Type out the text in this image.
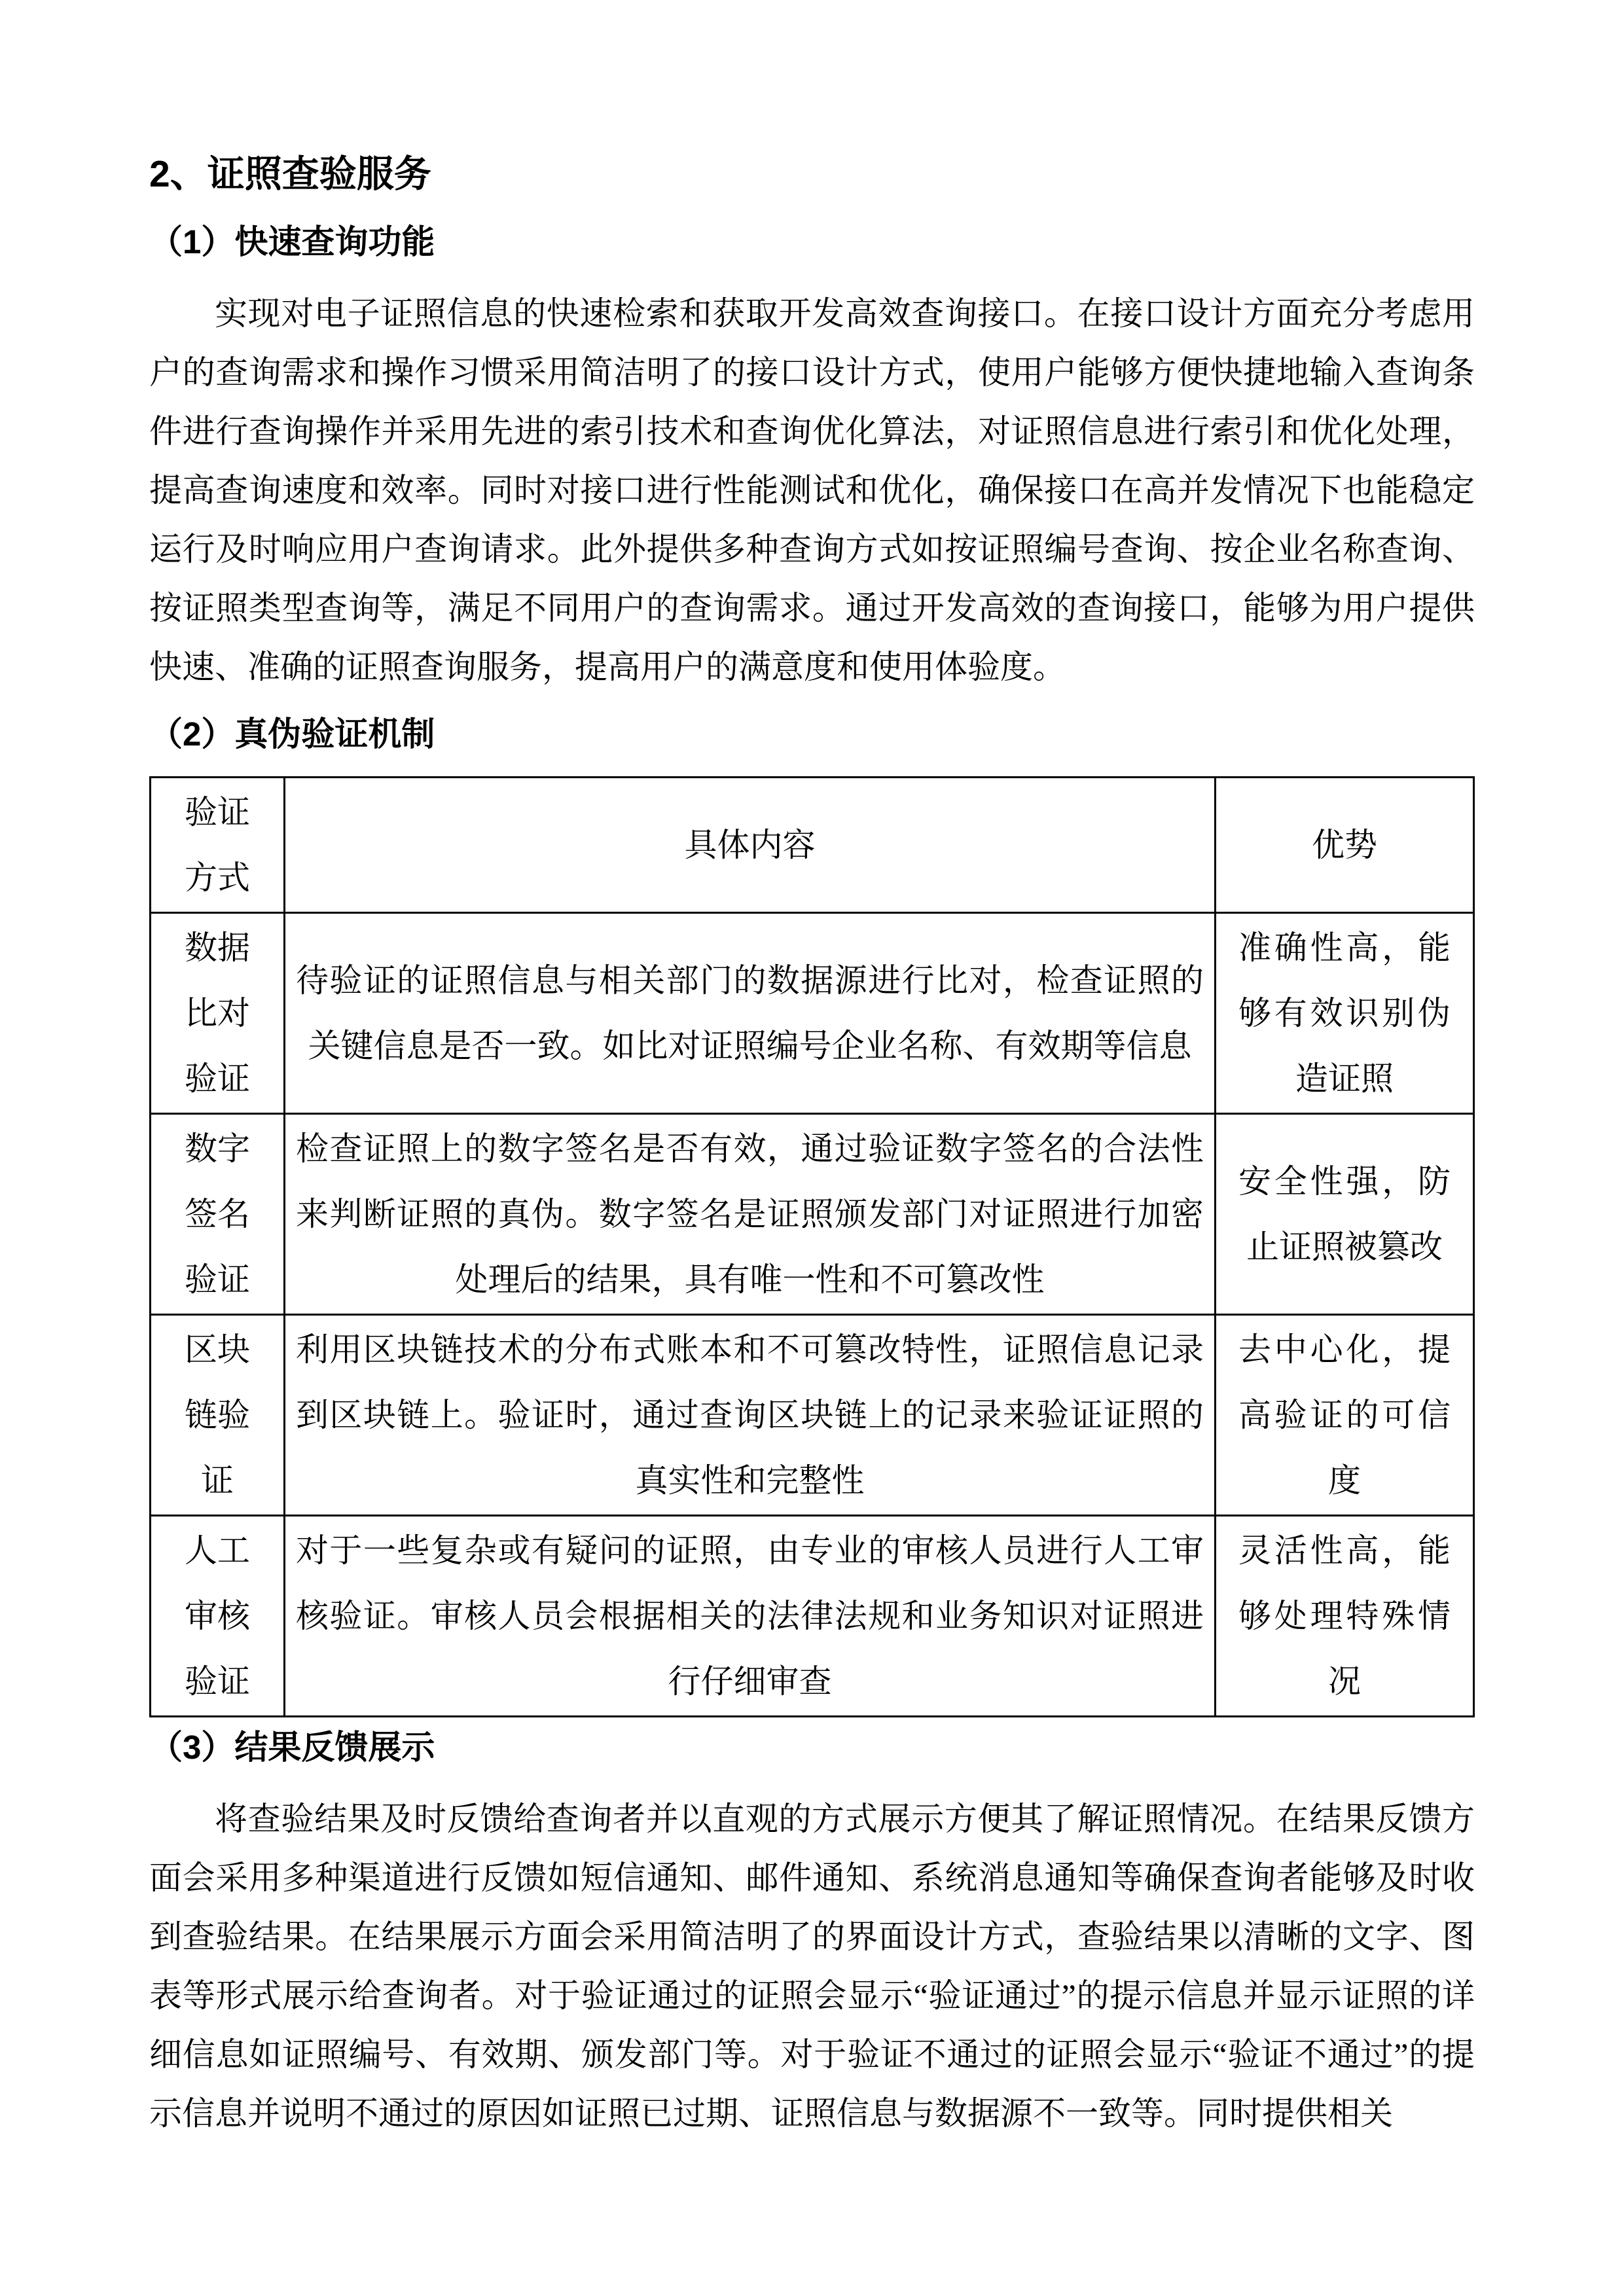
2、证照查验服务
（1）快速查询功能

实现对电子证照信息的快速检索和获取开发高效查询接口。在接口设计方面充分考虑用户的查询需求和操作习惯采用简洁明了的接口设计方式，使用户能够方便快捷地输入查询条件进行查询操作并采用先进的索引技术和查询优化算法，对证照信息进行索引和优化处理，提高查询速度和效率。同时对接口进行性能测试和优化，确保接口在高并发情况下也能稳定运行及时响应用户查询请求。此外提供多种查询方式如按证照编号查询、按企业名称查询、按证照类型查询等，满足不同用户的查询需求。通过开发高效的查询接口，能够为用户提供快速、准确的证照查询服务，提高用户的满意度和使用体验度。

（2）真伪验证机制
验证方式	具体内容	优势
数据比对验证	待验证的证照信息与相关部门的数据源进行比对，检查证照的关键信息是否一致。如比对证照编号企业名称、有效期等信息	准确性高，能够有效识别伪造证照
数字签名验证	检查证照上的数字签名是否有效，通过验证数字签名的合法性来判断证照的真伪。数字签名是证照颁发部门对证照进行加密处理后的结果，具有唯一性和不可篡改性	安全性强，防止证照被篡改
区块链验证	利用区块链技术的分布式账本和不可篡改特性，证照信息记录到区块链上。验证时，通过查询区块链上的记录来验证证照的真实性和完整性	去中心化，提高验证的可信度
人工审核验证	对于一些复杂或有疑问的证照，由专业的审核人员进行人工审核验证。审核人员会根据相关的法律法规和业务知识对证照进行仔细审查	灵活性高，能够处理特殊情况
（3）结果反馈展示

将查验结果及时反馈给查询者并以直观的方式展示方便其了解证照情况。在结果反馈方面会采用多种渠道进行反馈如短信通知、邮件通知、系统消息通知等确保查询者能够及时收到查验结果。在结果展示方面会采用简洁明了的界面设计方式，查验结果以清晰的文字、图表等形式展示给查询者。对于验证通过的证照会显示“验证通过”的提示信息并显示证照的详细信息如证照编号、有效期、颁发部门等。对于验证不通过的证照会显示“验证不通过”的提示信息并说明不通过的原因如证照已过期、证照信息与数据源不一致等。同时提供相关
